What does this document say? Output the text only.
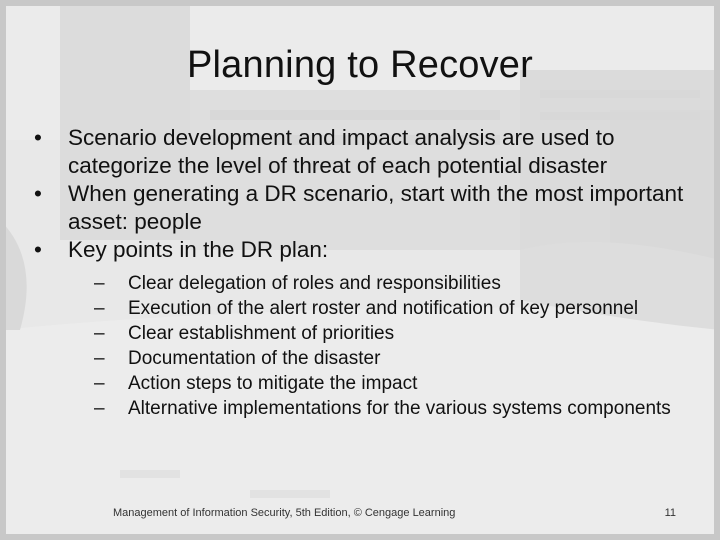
Planning to Recover
•	Scenario development and impact analysis are used to categorize the level of threat of each potential disaster
•	When generating a DR scenario, start with the most important asset: people
•	Key points in the DR plan:
– Clear delegation of roles and responsibilities
– Execution of the alert roster and notification of key personnel
– Clear establishment of priorities
– Documentation of the disaster
– Action steps to mitigate the impact
– Alternative implementations for the various systems components
Management of Information Security, 5th Edition, © Cengage Learning	11
